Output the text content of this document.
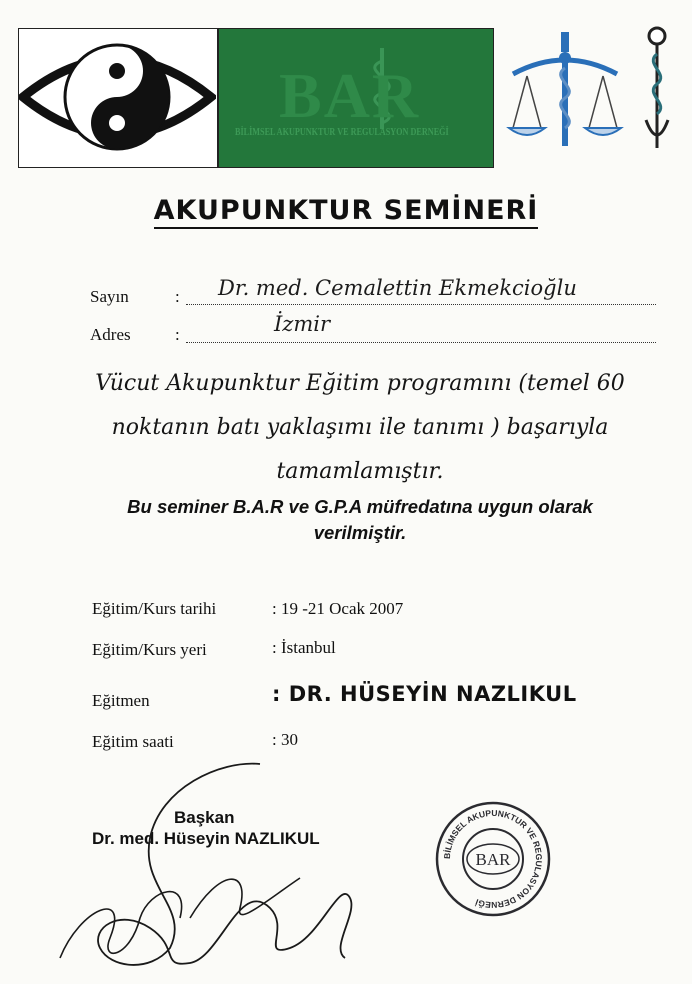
BAR
BİLİMSEL AKUPUNKTUR VE REGULASYON DERNEĞİ
AKUPUNKTUR SEMİNERİ
Sayın	: Dr. med. Cemalettin Ekmekcioğlu
Adres	:	İzmir
Vücut Akupunktur Eğitim programını (temel 60
noktanın batı yaklaşımı ile tanımı ) başarıyla
tamamlamıştır.
Bu seminer B.A.R ve G.P.A müfredatına uygun olarak
verilmiştir.
Eğitim/Kurs tarihi	: 19 -21 Ocak 2007
Eğitim/Kurs yeri	: İstanbul
Eğitmen	: DR. HÜSEYİN NAZLIKUL
Eğitim saati	: 30
Başkan
Dr. med. Hüseyin NAZLIKUL
BAR
BİLİMSEL AKUPUNKTUR VE REGULASYON DERNEĞİ
